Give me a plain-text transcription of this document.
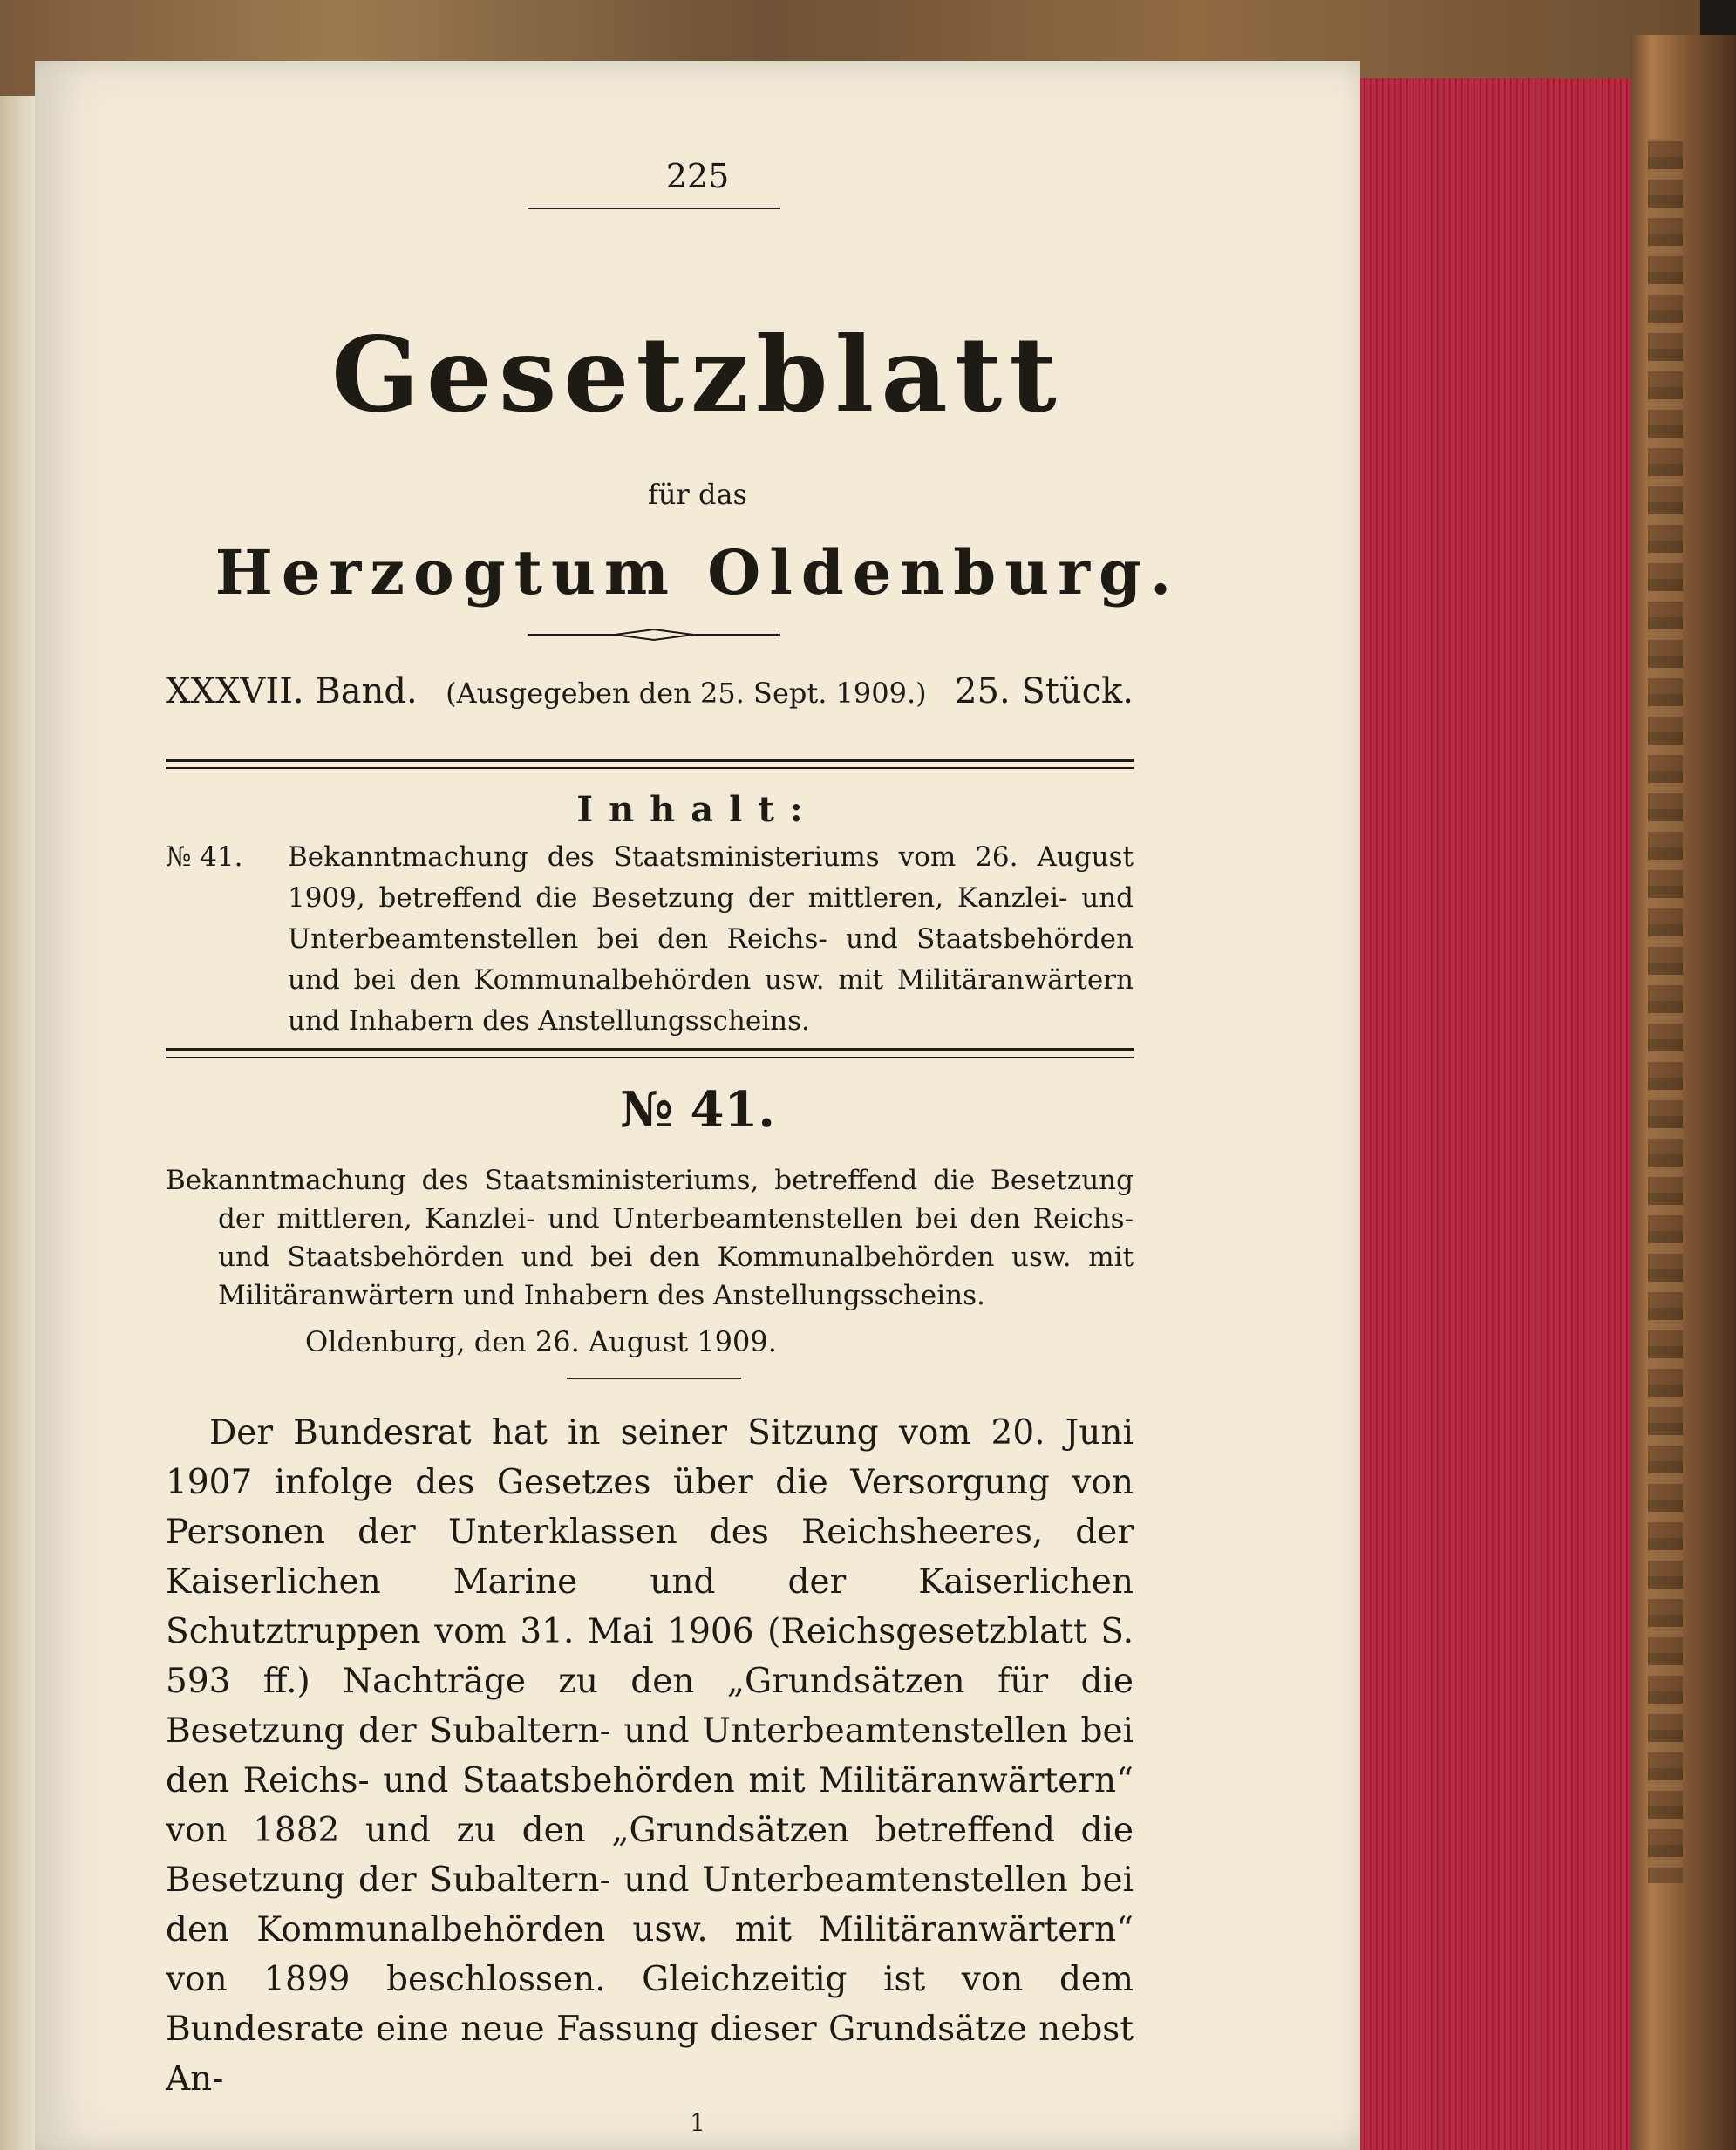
225
Gesetzblatt
für das
Herzogtum Oldenburg.
XXXVII. Band. (Ausgegeben den 25. Sept. 1909.) 25. Stück.
Inhalt:
№ 41. Bekanntmachung des Staatsministeriums vom 26. August 1909, betreffend die Besetzung der mittleren, Kanzlei- und Unterbeamtenstellen bei den Reichs- und Staatsbehörden und bei den Kommunalbehörden usw. mit Militäranwärtern und Inhabern des Anstellungsscheins.
№ 41.

Bekanntmachung des Staatsministeriums, betreffend die Besetzung der mittleren, Kanzlei- und Unterbeamtenstellen bei den Reichs- und Staatsbehörden und bei den Kommunalbehörden usw. mit Militäranwärtern und Inhabern des Anstellungsscheins.

Oldenburg, den 26. August 1909.

Der Bundesrat hat in seiner Sitzung vom 20. Juni 1907 infolge des Gesetzes über die Versorgung von Personen der Unterklassen des Reichsheeres, der Kaiserlichen Marine und der Kaiserlichen Schutztruppen vom 31. Mai 1906 (Reichsgesetzblatt S. 593 ff.) Nachträge zu den „Grundsätzen für die Besetzung der Subaltern- und Unterbeamtenstellen bei den Reichs- und Staatsbehörden mit Militäranwärtern“ von 1882 und zu den „Grundsätzen betreffend die Besetzung der Subaltern- und Unterbeamtenstellen bei den Kommunalbehörden usw. mit Militäranwärtern“ von 1899 beschlossen. Gleichzeitig ist von dem Bundesrate eine neue Fassung dieser Grundsätze nebst An-

1
